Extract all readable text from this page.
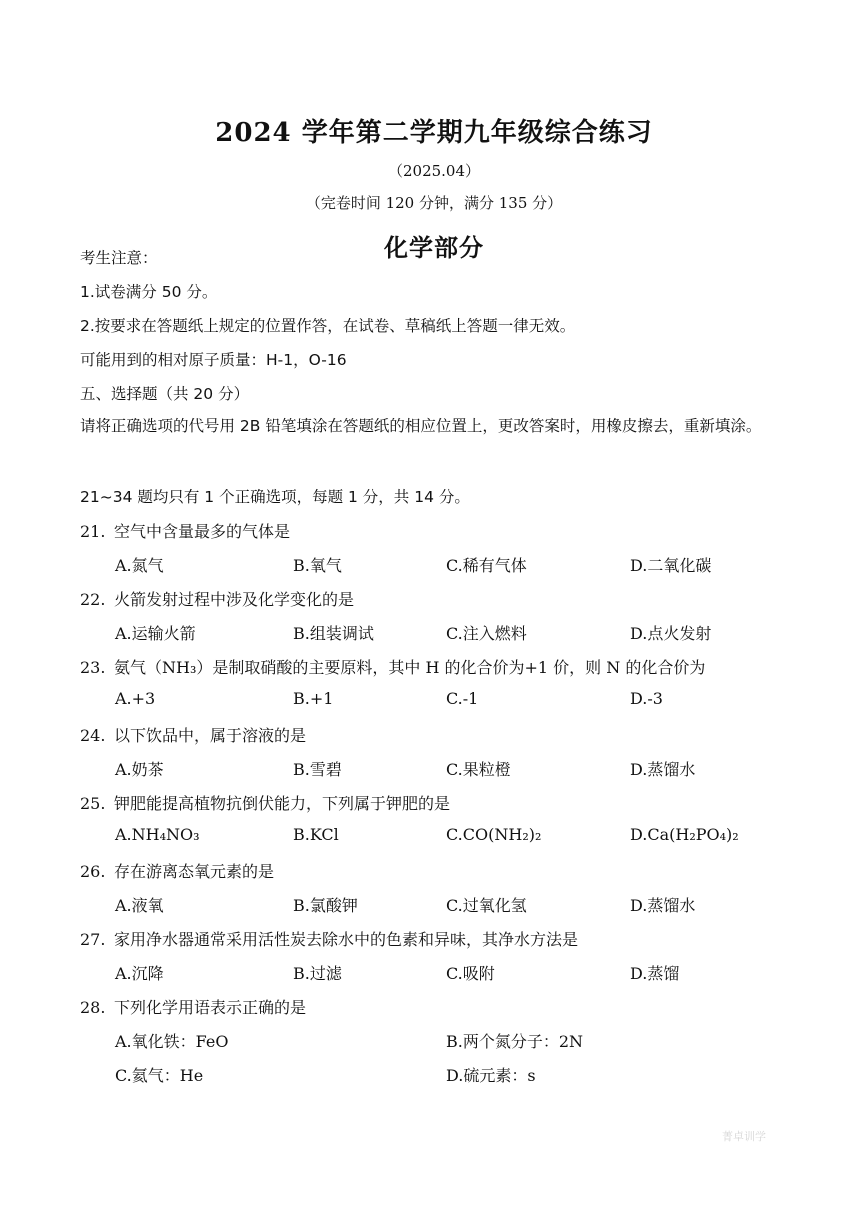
2024 学年第二学期九年级综合练习
（2025.04）
（完卷时间 120 分钟，满分 135 分）
化学部分
考生注意：
1.试卷满分 50 分。
2.按要求在答题纸上规定的位置作答，在试卷、草稿纸上答题一律无效。
可能用到的相对原子质量：H-1，O-16
五、选择题（共 20 分）
请将正确选项的代号用 2B 铅笔填涂在答题纸的相应位置上，更改答案时，用橡皮擦去，重新填涂。
21~34 题均只有 1 个正确选项，每题 1 分，共 14 分。
21. 空气中含量最多的气体是
A.氮气	B.氧气	C.稀有气体	D.二氧化碳
22. 火箭发射过程中涉及化学变化的是
A.运输火箭	B.组装调试	C.注入燃料	D.点火发射
23. 氨气（NH₃）是制取硝酸的主要原料，其中 H 的化合价为+1 价，则 N 的化合价为
A.+3	B.+1	C.-1	D.-3
24. 以下饮品中，属于溶液的是
A.奶茶	B.雪碧	C.果粒橙	D.蒸馏水
25. 钾肥能提高植物抗倒伏能力，下列属于钾肥的是
A.NH₄NO₃	B.KCl	C.CO(NH₂)₂	D.Ca(H₂PO₄)₂
26. 存在游离态氧元素的是
A.液氧	B.氯酸钾	C.过氧化氢	D.蒸馏水
27. 家用净水器通常采用活性炭去除水中的色素和异味，其净水方法是
A.沉降	B.过滤	C.吸附	D.蒸馏
28. 下列化学用语表示正确的是
A.氧化铁：FeO	B.两个氮分子：2N
C.氦气：He	D.硫元素：s
菁卓训学
